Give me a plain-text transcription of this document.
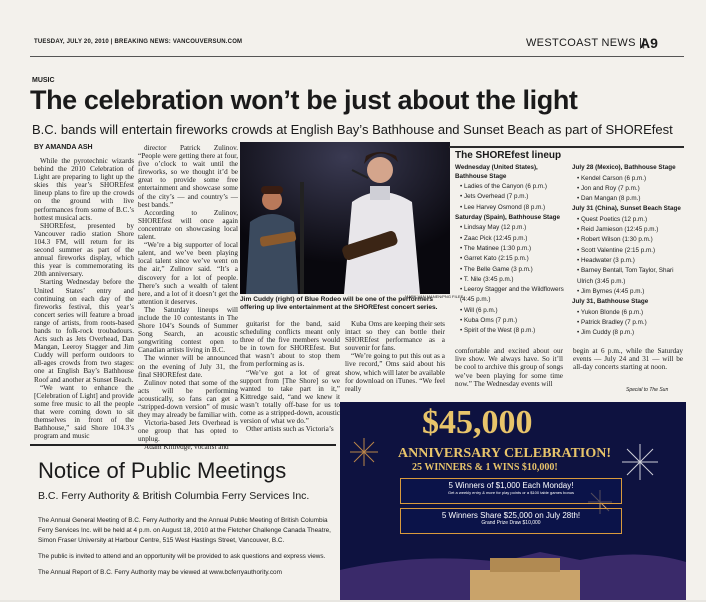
TUESDAY, JULY 20, 2010 | BREAKING NEWS: VANCOUVERSUN.COM	WESTCOAST NEWS ||
A9
MUSIC
The celebration won’t be just about the light
B.C. bands will entertain fireworks crowds at English Bay’s Bathhouse and Sunset Beach as part of SHOREfest

BY AMANDA ASH

While the pyrotechnic wizards behind the 2010 Celebration of Light are preparing to light up the skies this year’s SHOREfest lineup plans to fire up the crowds on the ground with live performances from some of B.C.’s hottest musical acts.

SHOREfest, presented by Vancouver radio station Shore 104.3 FM, will return for its second summer as part of the annual fireworks display, which this year is commemorating its 20th anniversary.

Starting Wednesday before the United States’ entry and continuing on each day of the fireworks festival, this year’s concert series will feature a broad range of artists, from roots-based bands to folk-rock troubadours. Acts such as Jets Overhead, Dan Mangan, Leeroy Stagger and Jim Cuddy will perform outdoors to all-ages crowds from two stages: one at English Bay’s Bathhouse Roof and another at Sunset Beach.

“We want to enhance the [Celebration of Light] and provide some free music to all the people that were coming down to sit themselves in front of the Bathhouse,” said Shore 104.3’s program and music

director Patrick Zulinov. “People were getting there at four, five o’clock to wait until the fireworks, so we thought it’d be great to provide some free entertainment and showcase some of the city’s — and country’s — best bands.”

According to Zulinov, SHOREfest will once again concentrate on showcasing local talent.

“We’re a big supporter of local talent, and we’ve been playing local talent since we’ve went on the air,” Zulinov said. “It’s a discovery for a lot of people. There’s such a wealth of talent here, and a lot of it doesn’t get the attention it deserves.

The Saturday lineups will include the 10 contestants in The Shore 104’s Sounds of Summer Song Search, an acoustic songwriting contest open to Canadian artists living in B.C.

The winner will be announced on the evening of July 31, the final SHOREfest date.

Zulinov noted that some of the acts will be performing acoustically, so fans can get a “stripped-down version” of music they may already be familiar with.

Victoria-based Jets Overhead is one group that has opted to unplug.

Adam Kittredge, vocalist and

MARK VAN MANEN/PNG FILES
Jim Cuddy (right) of Blue Rodeo will be one of the performers offering up live entertainment at the SHOREfest concert series.

guitarist for the band, said scheduling conflicts meant only three of the five members would be in town for SHOREfest. But that wasn’t about to stop them from performing as is.

“We’ve got a lot of great support from [The Shore] so we wanted to take part in it,” Kittredge said, “and we knew it wasn’t totally off-base for us to come as a stripped-down, acoustic version of what we do.”

Other artists such as Victoria’s

Kuba Oms are keeping their sets intact so they can bottle their SHOREfest performance as a souvenir for fans.

“We’re going to put this out as a live record,” Oms said about his show, which will later be available for download on iTunes. “We feel really

The SHOREfest lineup
Wednesday (United States), Bathhouse Stage
• Ladies of the Canyon (6 p.m.)
• Jets Overhead (7 p.m.)
• Lee Harvey Osmond (8 p.m.)
Saturday (Spain), Bathhouse Stage
• Lindsay May (12 p.m.)
• Zaac Pick (12:45 p.m.)
• The Matinee (1:30 p.m.)
• Garret Kato (2:15 p.m.)
• The Belle Game (3 p.m.)
• T. Nile (3:45 p.m.)
• Leeroy Stagger and the Wildflowers (4:45 p.m.)
• Will (6 p.m.)
• Kuba Oms (7 p.m.)
• Spirit of the West (8 p.m.)
July 28 (Mexico), Bathhouse Stage
• Kendel Carson (6 p.m.)
• Jon and Roy (7 p.m.)
• Dan Mangan (8 p.m.)
July 31 (China), Sunset Beach Stage
• Quest Poetics (12 p.m.)
• Reid Jamieson (12:45 p.m.)
• Robert Wilson (1:30 p.m.)
• Scott Valentine (2:15 p.m.)
• Headwater (3 p.m.)
• Barney Bentall, Tom Taylor, Shari Ulrich (3:45 p.m.)
• Jim Byrnes (4:45 p.m.)
July 31, Bathhouse Stage
• Yukon Blonde (6 p.m.)
• Patrick Bradley (7 p.m.)
• Jim Cuddy (8 p.m.)
comfortable and excited about our live show. We always have. So it’ll be cool to archive this group of songs we’ve been playing for some time now.” The Wednesday events will
begin at 6 p.m., while the Saturday events — July 24 and 31 — will be all-day concerts starting at noon.
Special to The Sun
Notice of Public Meetings
B.C. Ferry Authority & British Columbia Ferry Services Inc.

The Annual General Meeting of B.C. Ferry Authority and the Annual Public Meeting of British Columbia Ferry Services Inc. will be held at 4 p.m. on August 18, 2010 at the Fletcher Challenge Canada Theatre, Simon Fraser University at Harbour Centre, 515 West Hastings Street, Vancouver, B.C.

The public is invited to attend and an opportunity will be provided to ask questions and express views.

The Annual Report of B.C. Ferry Authority may be viewed at www.bcferryauthority.com

$45,000
ANNIVERSARY CELEBRATION!
25 WINNERS & 1 WINS $10,000!
5 Winners of $1,000 Each Monday!
Get a weekly entry & more for play points or a $100 table games bonus
5 Winners Share $25,000 on July 28th!
Grand Prize Draw $10,000
